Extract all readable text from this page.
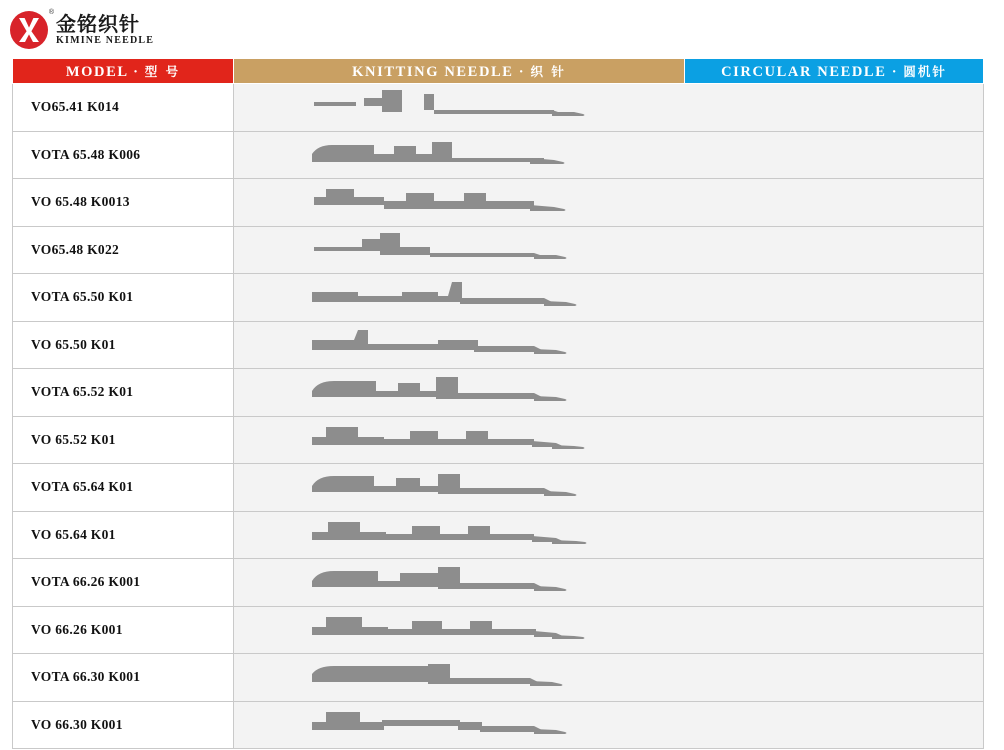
® 金铭织针
KIMINE NEEDLE
MODEL · 型 号	KNITTING NEEDLE · 织 针	CIRCULAR NEEDLE · 圆机针
VO65.41 K014	

VOTA 65.48 K006	

VO 65.48 K0013	

VO65.48 K022	

VOTA 65.50 K01	

VO 65.50 K01	

VOTA 65.52 K01	

VO 65.52 K01	

VOTA 65.64 K01	

VO 65.64 K01	

VOTA 66.26 K001	

VO 66.26 K001	

VOTA 66.30 K001	

VO 66.30 K001	
